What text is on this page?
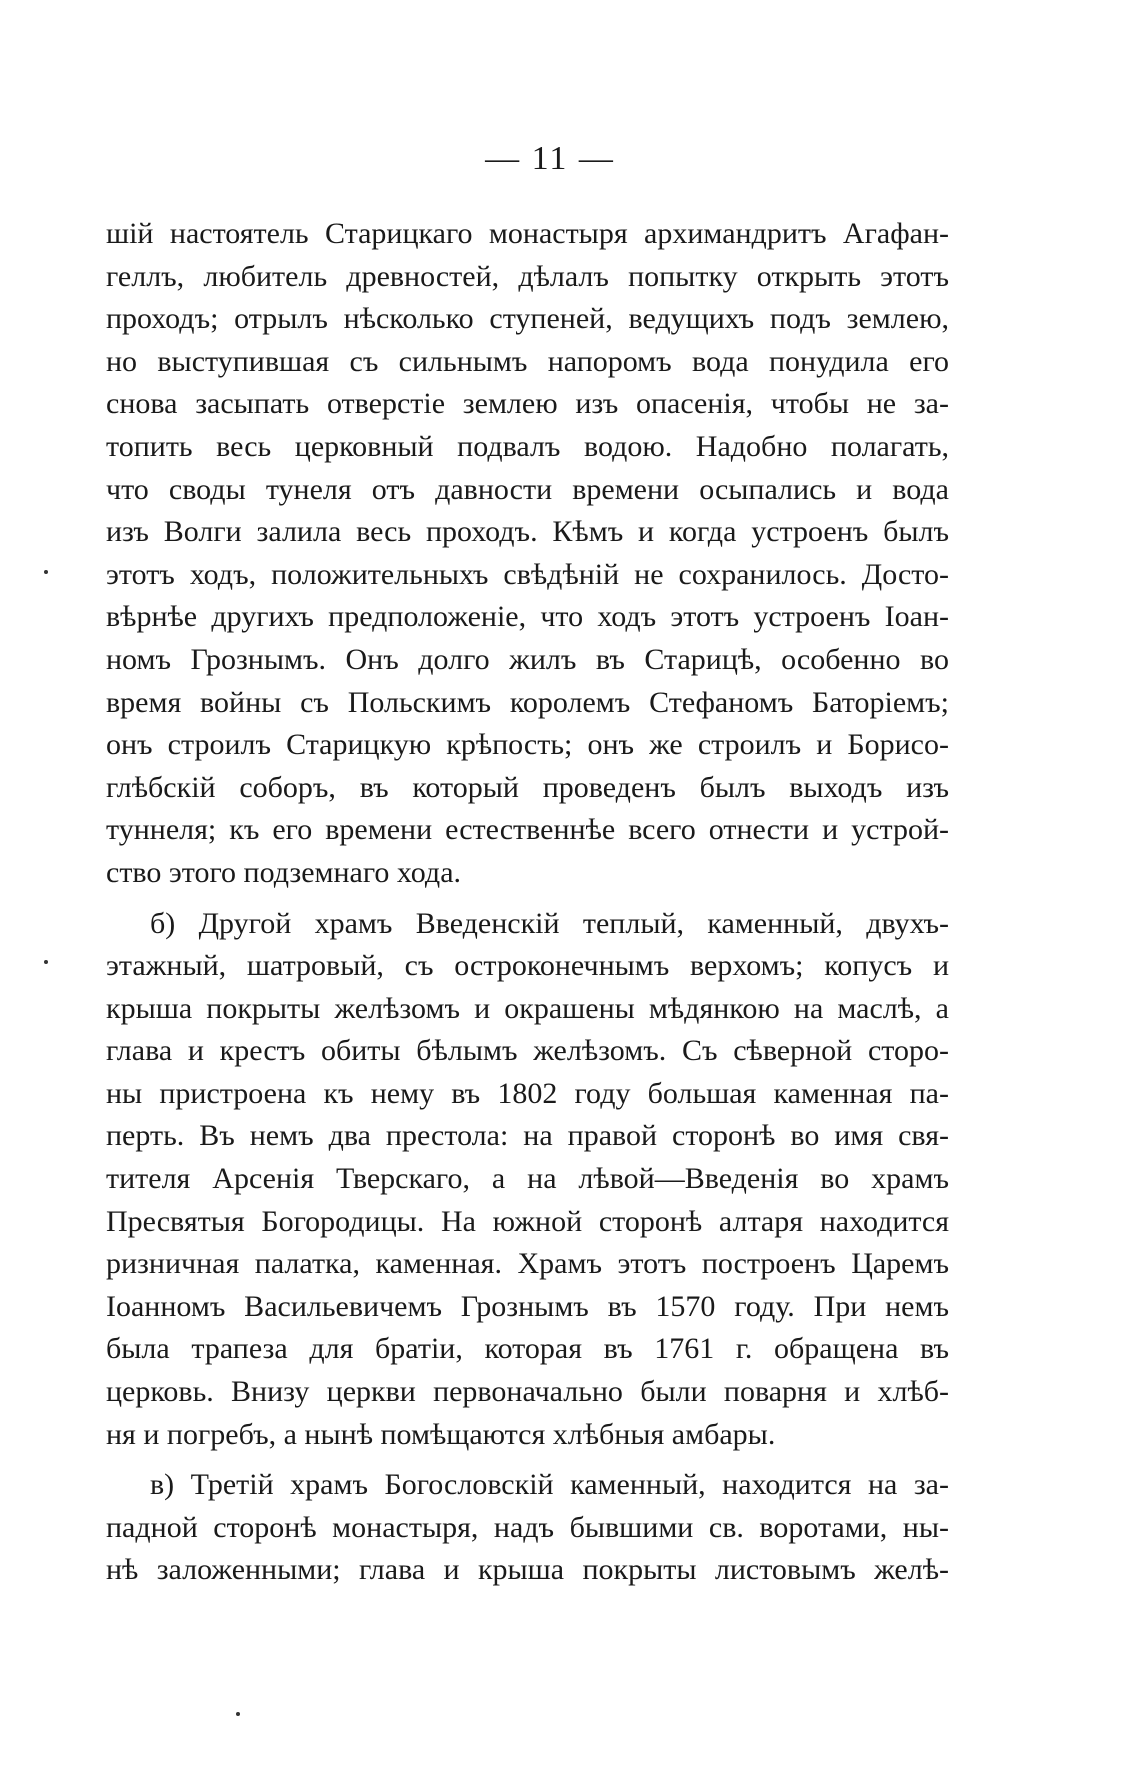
— 11 —
шій настоятель Старицкаго монастыря архимандритъ Агафан-
геллъ, любитель древностей, дѣлалъ попытку открыть этотъ
проходъ; отрылъ нѣсколько ступеней, ведущихъ подъ землею,
но выступившая съ сильнымъ напоромъ вода понудила его
снова засыпать отверстіе землею изъ опасенія, чтобы не за-
топить весь церковный подвалъ водою. Надобно полагать,
что своды тунеля отъ давности времени осыпались и вода
изъ Волги залила весь проходъ. Кѣмъ и когда устроенъ былъ
этотъ ходъ, положительныхъ свѣдѣній не сохранилось. Досто-
вѣрнѣе другихъ предположеніе, что ходъ этотъ устроенъ Іоан-
номъ Грознымъ. Онъ долго жилъ въ Старицѣ, особенно во
время войны съ Польскимъ королемъ Стефаномъ Баторіемъ;
онъ строилъ Старицкую крѣпость; онъ же строилъ и Борисо-
глѣбскій соборъ, въ который проведенъ былъ выходъ изъ
туннеля; къ его времени естественнѣе всего отнести и устрой-
ство этого подземнаго хода.
б) Другой храмъ Введенскій теплый, каменный, двухъ-
этажный, шатровый, съ остроконечнымъ верхомъ; копусъ и
крыша покрыты желѣзомъ и окрашены мѣдянкою на маслѣ, а
глава и крестъ обиты бѣлымъ желѣзомъ. Съ сѣверной сторо-
ны пристроена къ нему въ 1802 году большая каменная па-
перть. Въ немъ два престола: на правой сторонѣ во имя свя-
тителя Арсенія Тверскаго, а на лѣвой—Введенія во храмъ
Пресвятыя Богородицы. На южной сторонѣ алтаря находится
ризничная палатка, каменная. Храмъ этотъ построенъ Царемъ
Іоанномъ Васильевичемъ Грознымъ въ 1570 году. При немъ
была трапеза для братіи, которая въ 1761 г. обращена въ
церковь. Внизу церкви первоначально были поварня и хлѣб-
ня и погребъ, а нынѣ помѣщаются хлѣбныя амбары.
в) Третій храмъ Богословскій каменный, находится на за-
падной сторонѣ монастыря, надъ бывшими св. воротами, ны-
нѣ заложенными; глава и крыша покрыты листовымъ желѣ-
